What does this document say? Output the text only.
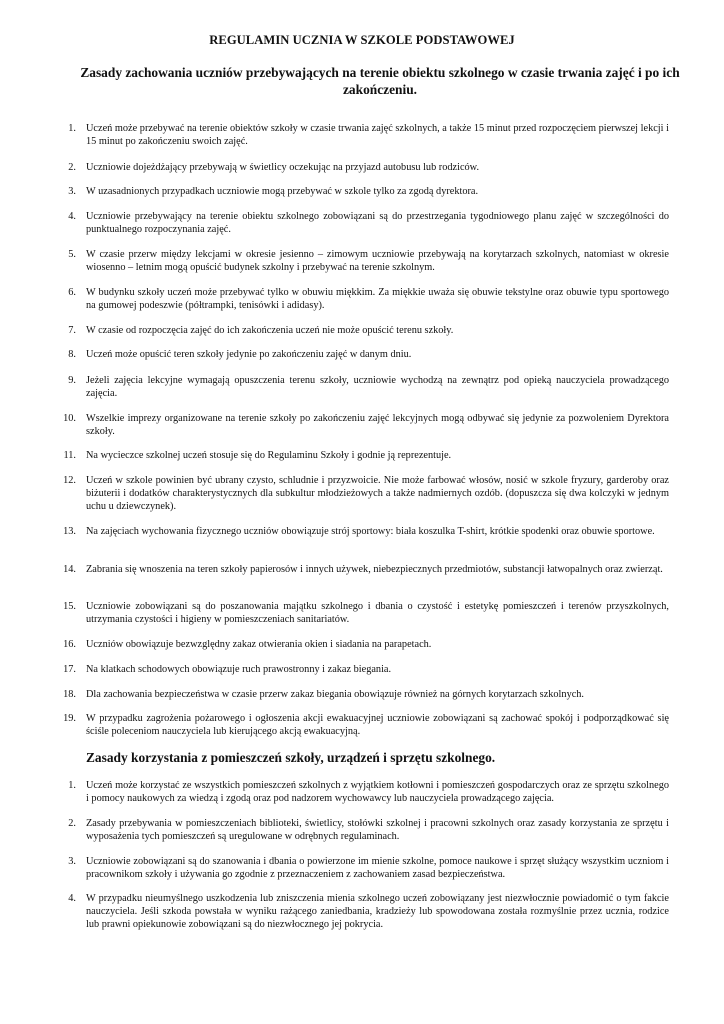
REGULAMIN UCZNIA W SZKOLE PODSTAWOWEJ
Zasady zachowania uczniów przebywających na terenie obiektu szkolnego w czasie trwania zajęć i po ich zakończeniu.
1. Uczeń może przebywać na terenie obiektów szkoły w czasie trwania zajęć szkolnych, a także 15 minut przed rozpoczęciem pierwszej lekcji i 15 minut po zakończeniu swoich zajęć.
2. Uczniowie dojeżdżający przebywają w świetlicy oczekując na przyjazd autobusu lub rodziców.
3. W uzasadnionych przypadkach uczniowie mogą przebywać w szkole tylko za zgodą dyrektora.
4. Uczniowie przebywający na terenie obiektu szkolnego zobowiązani są do przestrzegania tygodniowego planu zajęć w szczególności do punktualnego rozpoczynania zajęć.
5. W czasie przerw między lekcjami w okresie jesienno – zimowym uczniowie przebywają na korytarzach szkolnych, natomiast w okresie wiosenno – letnim mogą opuścić budynek szkolny i przebywać na terenie szkolnym.
6. W budynku szkoły uczeń może przebywać tylko w obuwiu miękkim. Za miękkie uważa się obuwie tekstylne oraz obuwie typu sportowego na gumowej podeszwie (półtrampki, tenisówki i adidasy).
7. W czasie od rozpoczęcia zajęć do ich zakończenia uczeń nie może opuścić terenu szkoły.
8. Uczeń może opuścić teren szkoły jedynie po zakończeniu zajęć w danym dniu.
9. Jeżeli zajęcia lekcyjne wymagają opuszczenia terenu szkoły, uczniowie wychodzą na zewnątrz pod opieką nauczyciela prowadzącego zajęcia.
10. Wszelkie imprezy organizowane na terenie szkoły po zakończeniu zajęć lekcyjnych mogą odbywać się jedynie za pozwoleniem Dyrektora szkoły.
11. Na wycieczce szkolnej uczeń stosuje się do Regulaminu Szkoły i godnie ją reprezentuje.
12. Uczeń w szkole powinien być ubrany czysto, schludnie i przyzwoicie. Nie może farbować włosów, nosić w szkole fryzury, garderoby oraz biżuterii i dodatków charakterystycznych dla subkultur młodzieżowych a także nadmiernych ozdób. (dopuszcza się dwa kolczyki w jednym uchu u dziewczynek).
13. Na zajęciach wychowania fizycznego uczniów obowiązuje strój sportowy: biała koszulka T-shirt, krótkie spodenki oraz obuwie sportowe.
14. Zabrania się wnoszenia na teren szkoły papierosów i innych używek, niebezpiecznych przedmiotów, substancji łatwopalnych oraz zwierząt.
15. Uczniowie zobowiązani są do poszanowania majątku szkolnego i dbania o czystość i estetykę pomieszczeń i terenów przyszkolnych, utrzymania czystości i higieny w pomieszczeniach sanitariatów.
16. Uczniów obowiązuje bezwzględny zakaz otwierania okien i siadania na parapetach.
17. Na klatkach schodowych obowiązuje ruch prawostronny i zakaz biegania.
18. Dla zachowania bezpieczeństwa w czasie przerw zakaz biegania obowiązuje również na górnych korytarzach szkolnych.
19. W przypadku zagrożenia pożarowego i ogłoszenia akcji ewakuacyjnej uczniowie zobowiązani są zachować spokój i podporządkować się ściśle poleceniom nauczyciela lub kierującego akcją ewakuacyjną.
Zasady korzystania z pomieszczeń szkoły, urządzeń i sprzętu szkolnego.
1. Uczeń może korzystać ze wszystkich pomieszczeń szkolnych z wyjątkiem kotłowni i pomieszczeń gospodarczych oraz ze sprzętu szkolnego i pomocy naukowych za wiedzą i zgodą oraz pod nadzorem wychowawcy lub nauczyciela prowadzącego zajęcia.
2. Zasady przebywania w pomieszczeniach biblioteki, świetlicy, stołówki szkolnej i pracowni szkolnych oraz zasady korzystania ze sprzętu i wyposażenia tych pomieszczeń są uregulowane w odrębnych regulaminach.
3. Uczniowie zobowiązani są do szanowania i dbania o powierzone im mienie szkolne, pomoce naukowe i sprzęt służący wszystkim uczniom i pracownikom szkoły i używania go zgodnie z przeznaczeniem z zachowaniem zasad bezpieczeństwa.
4. W przypadku nieumyślnego uszkodzenia lub zniszczenia mienia szkolnego uczeń zobowiązany jest niezwłocznie powiadomić o tym fakcie nauczyciela. Jeśli szkoda powstała w wyniku rażącego zaniedbania, kradzieży lub spowodowana została rozmyślnie przez ucznia, rodzice lub prawni opiekunowie zobowiązani są do niezwłocznego jej pokrycia.
